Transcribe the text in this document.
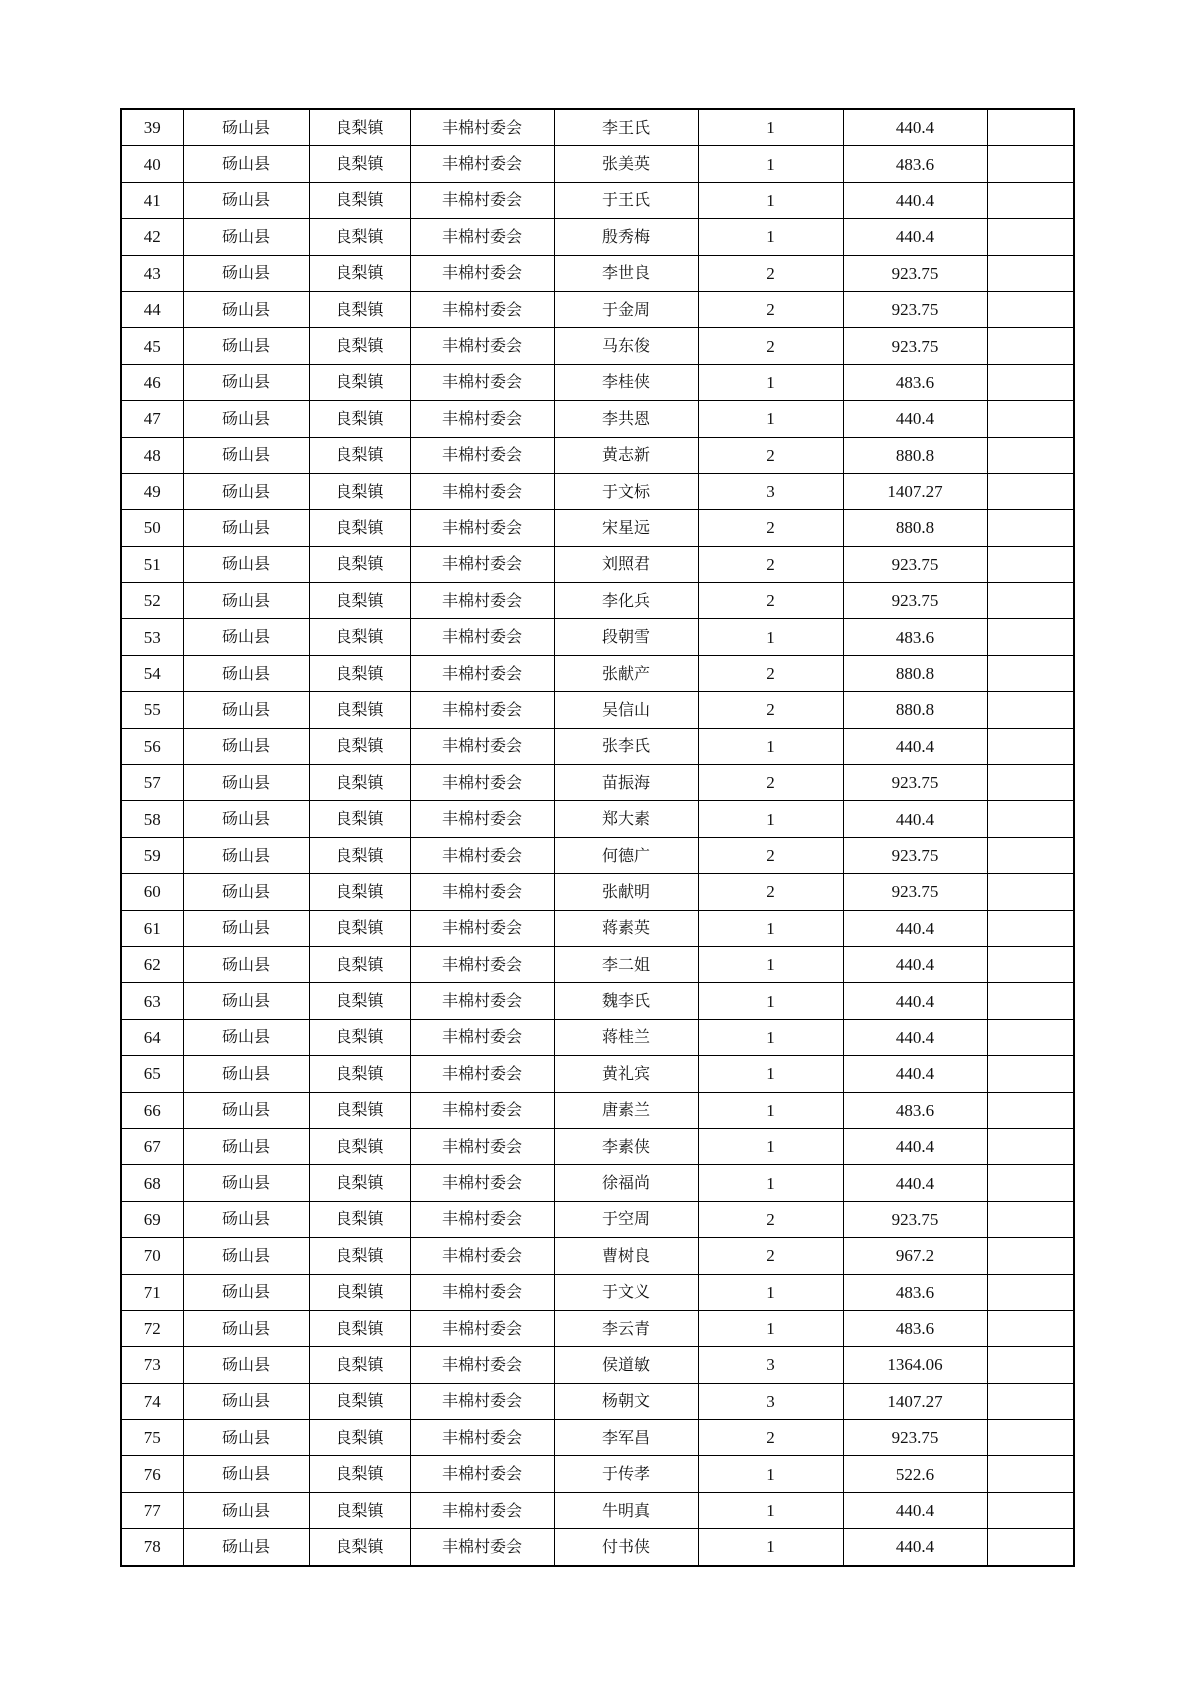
39	砀山县	良梨镇	丰棉村委会	李王氏	1	440.4	
40	砀山县	良梨镇	丰棉村委会	张美英	1	483.6	
41	砀山县	良梨镇	丰棉村委会	于王氏	1	440.4	
42	砀山县	良梨镇	丰棉村委会	殷秀梅	1	440.4	
43	砀山县	良梨镇	丰棉村委会	李世良	2	923.75	
44	砀山县	良梨镇	丰棉村委会	于金周	2	923.75	
45	砀山县	良梨镇	丰棉村委会	马东俊	2	923.75	
46	砀山县	良梨镇	丰棉村委会	李桂侠	1	483.6	
47	砀山县	良梨镇	丰棉村委会	李共恩	1	440.4	
48	砀山县	良梨镇	丰棉村委会	黄志新	2	880.8	
49	砀山县	良梨镇	丰棉村委会	于文标	3	1407.27	
50	砀山县	良梨镇	丰棉村委会	宋星远	2	880.8	
51	砀山县	良梨镇	丰棉村委会	刘照君	2	923.75	
52	砀山县	良梨镇	丰棉村委会	李化兵	2	923.75	
53	砀山县	良梨镇	丰棉村委会	段朝雪	1	483.6	
54	砀山县	良梨镇	丰棉村委会	张献产	2	880.8	
55	砀山县	良梨镇	丰棉村委会	吴信山	2	880.8	
56	砀山县	良梨镇	丰棉村委会	张李氏	1	440.4	
57	砀山县	良梨镇	丰棉村委会	苗振海	2	923.75	
58	砀山县	良梨镇	丰棉村委会	郑大素	1	440.4	
59	砀山县	良梨镇	丰棉村委会	何德广	2	923.75	
60	砀山县	良梨镇	丰棉村委会	张献明	2	923.75	
61	砀山县	良梨镇	丰棉村委会	蒋素英	1	440.4	
62	砀山县	良梨镇	丰棉村委会	李二姐	1	440.4	
63	砀山县	良梨镇	丰棉村委会	魏李氏	1	440.4	
64	砀山县	良梨镇	丰棉村委会	蒋桂兰	1	440.4	
65	砀山县	良梨镇	丰棉村委会	黄礼宾	1	440.4	
66	砀山县	良梨镇	丰棉村委会	唐素兰	1	483.6	
67	砀山县	良梨镇	丰棉村委会	李素侠	1	440.4	
68	砀山县	良梨镇	丰棉村委会	徐福尚	1	440.4	
69	砀山县	良梨镇	丰棉村委会	于空周	2	923.75	
70	砀山县	良梨镇	丰棉村委会	曹树良	2	967.2	
71	砀山县	良梨镇	丰棉村委会	于文义	1	483.6	
72	砀山县	良梨镇	丰棉村委会	李云青	1	483.6	
73	砀山县	良梨镇	丰棉村委会	侯道敏	3	1364.06	
74	砀山县	良梨镇	丰棉村委会	杨朝文	3	1407.27	
75	砀山县	良梨镇	丰棉村委会	李军昌	2	923.75	
76	砀山县	良梨镇	丰棉村委会	于传孝	1	522.6	
77	砀山县	良梨镇	丰棉村委会	牛明真	1	440.4	
78	砀山县	良梨镇	丰棉村委会	付书侠	1	440.4	
